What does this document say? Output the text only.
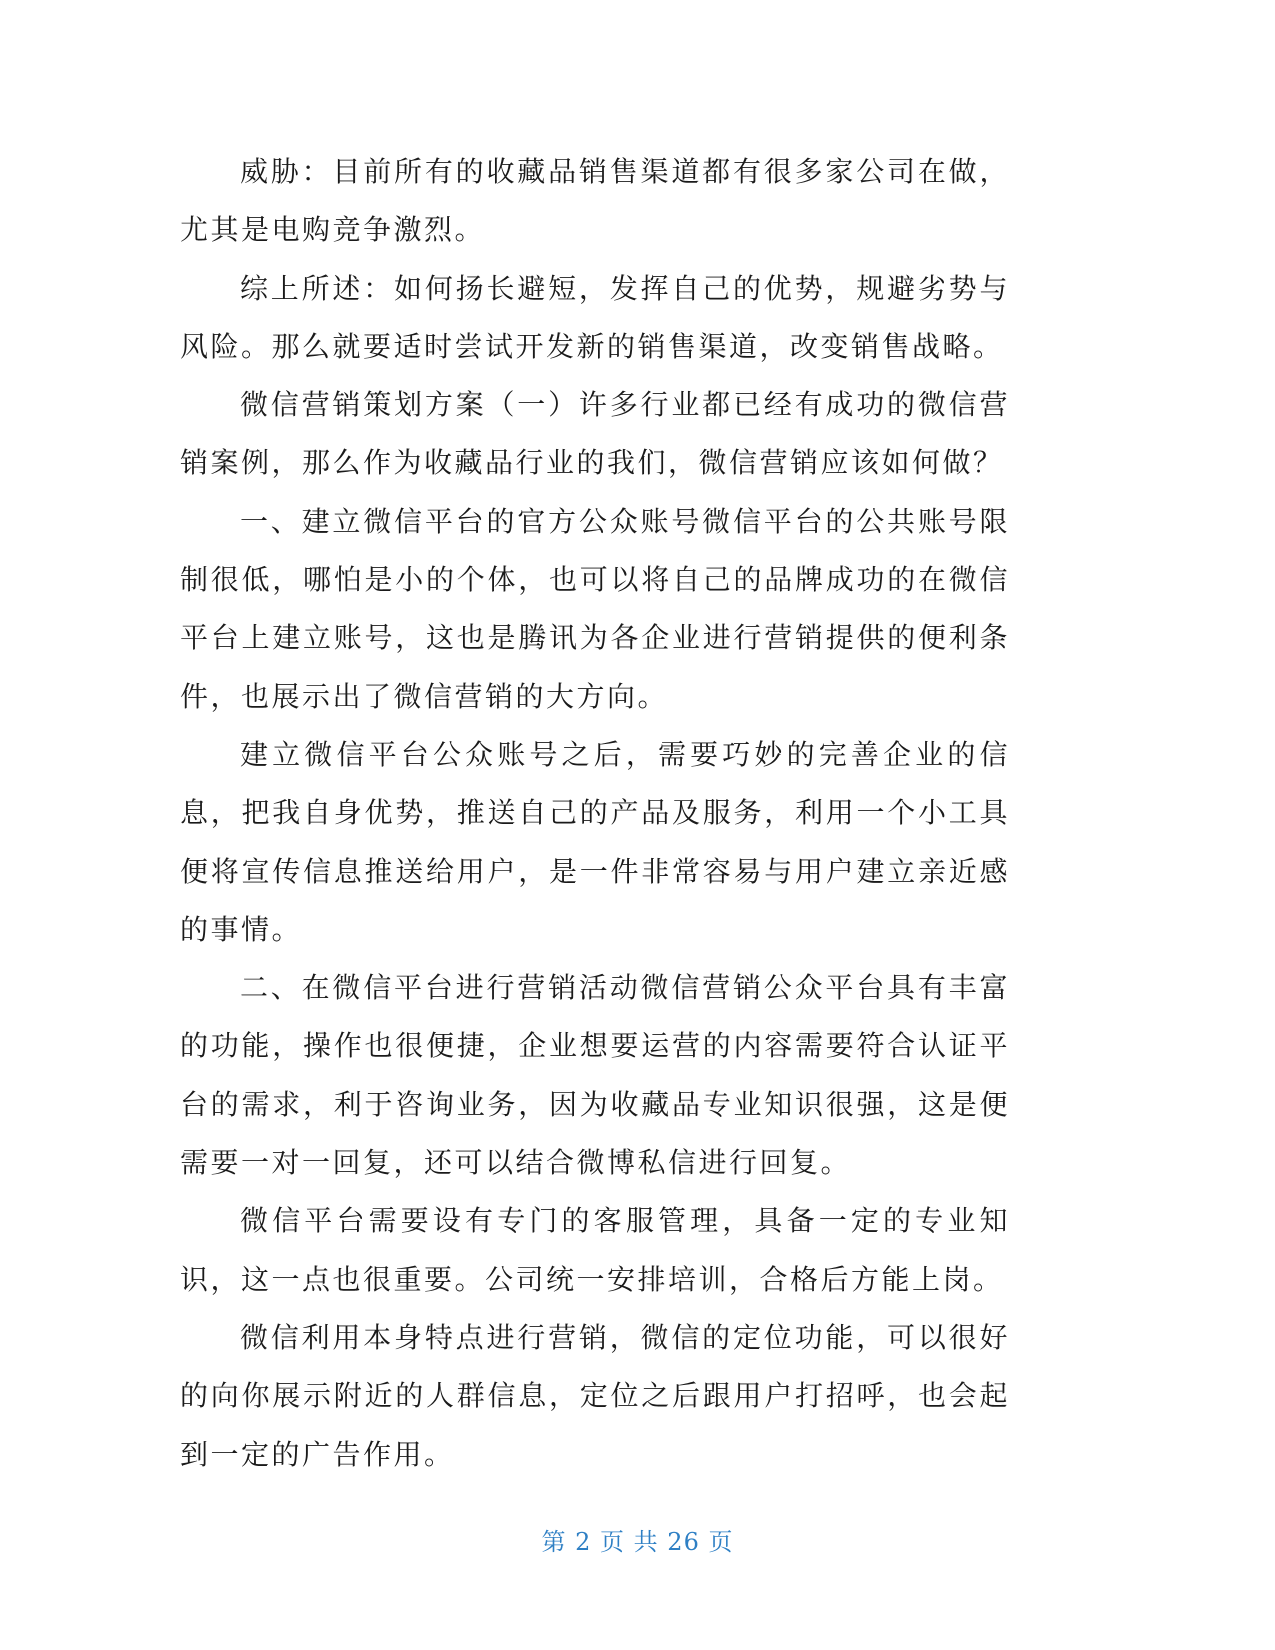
威胁：目前所有的收藏品销售渠道都有很多家公司在做，尤其是电购竞争激烈。

综上所述：如何扬长避短，发挥自己的优势，规避劣势与风险。那么就要适时尝试开发新的销售渠道，改变销售战略。

微信营销策划方案（一）许多行业都已经有成功的微信营销案例，那么作为收藏品行业的我们，微信营销应该如何做？

一、建立微信平台的官方公众账号微信平台的公共账号限制很低，哪怕是小的个体，也可以将自己的品牌成功的在微信平台上建立账号，这也是腾讯为各企业进行营销提供的便利条件，也展示出了微信营销的大方向。

建立微信平台公众账号之后，需要巧妙的完善企业的信息，把我自身优势，推送自己的产品及服务，利用一个小工具便将宣传信息推送给用户，是一件非常容易与用户建立亲近感的事情。

二、在微信平台进行营销活动微信营销公众平台具有丰富的功能，操作也很便捷，企业想要运营的内容需要符合认证平台的需求，利于咨询业务，因为收藏品专业知识很强，这是便需要一对一回复，还可以结合微博私信进行回复。

微信平台需要设有专门的客服管理，具备一定的专业知识，这一点也很重要。公司统一安排培训，合格后方能上岗。

微信利用本身特点进行营销，微信的定位功能，可以很好的向你展示附近的人群信息，定位之后跟用户打招呼，也会起到一定的广告作用。

第 2 页 共 26 页
